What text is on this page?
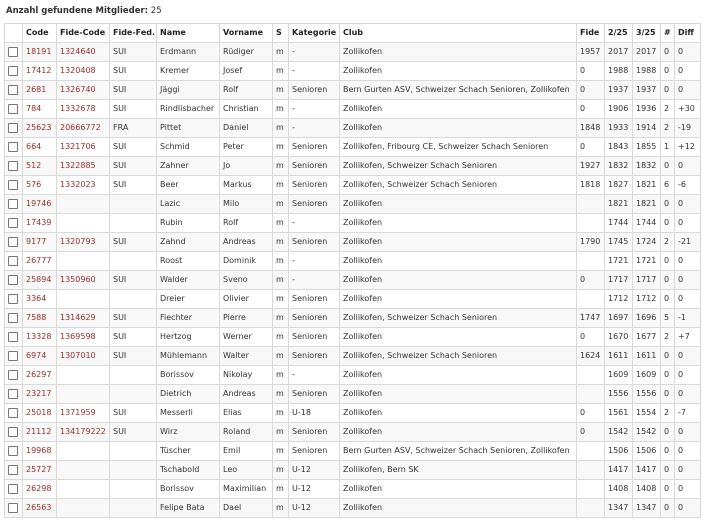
Anzahl gefundene Mitglieder: 25
	Code	Fide-Code	Fide-Fed.	Name	Vorname	S	Kategorie	Club	Fide	2/25	3/25	#	Diff
	18191	1324640	SUI	Erdmann	Rüdiger	m	-	Zollikofen	1957	2017	2017	0	0
	17412	1320408	SUI	Kremer	Josef	m	-	Zollikofen	0	1988	1988	0	0
	2681	1326740	SUI	Jäggi	Rolf	m	Senioren	Bern Gurten ASV, Schweizer Schach Senioren, Zollikofen	0	1937	1937	0	0
	784	1332678	SUI	Rindlisbacher	Christian	m	-	Zollikofen	0	1906	1936	2	+30
	25623	20666772	FRA	Pittet	Daniel	m	-	Zollikofen	1848	1933	1914	2	-19
	664	1321706	SUI	Schmid	Peter	m	Senioren	Zollikofen, Fribourg CE, Schweizer Schach Senioren	0	1843	1855	1	+12
	512	1322885	SUI	Zahner	Jo	m	Senioren	Zollikofen, Schweizer Schach Senioren	1927	1832	1832	0	0
	576	1332023	SUI	Beer	Markus	m	Senioren	Zollikofen, Schweizer Schach Senioren	1818	1827	1821	6	-6
	19746			Lazic	Milo	m	Senioren	Zollikofen		1821	1821	0	0
	17439			Rubin	Rolf	m	-	Zollikofen		1744	1744	0	0
	9177	1320793	SUI	Zahnd	Andreas	m	Senioren	Zollikofen	1790	1745	1724	2	-21
	26777			Roost	Dominik	m	-	Zollikofen		1721	1721	0	0
	25894	1350960	SUI	Walder	Sveno	m	-	Zollikofen	0	1717	1717	0	0
	3364			Dreier	Olivier	m	Senioren	Zollikofen		1712	1712	0	0
	7588	1314629	SUI	Fiechter	Pierre	m	Senioren	Zollikofen, Schweizer Schach Senioren	1747	1697	1696	5	-1
	13328	1369598	SUI	Hertzog	Werner	m	Senioren	Zollikofen	0	1670	1677	2	+7
	6974	1307010	SUI	Mühlemann	Walter	m	Senioren	Zollikofen, Schweizer Schach Senioren	1624	1611	1611	0	0
	26297			Borissov	Nikolay	m	-	Zollikofen		1609	1609	0	0
	23217			Dietrich	Andreas	m	Senioren	Zollikofen		1556	1556	0	0
	25018	1371959	SUI	Messerli	Elias	m	U-18	Zollikofen	0	1561	1554	2	-7
	21112	134179222	SUI	Wirz	Roland	m	Senioren	Zollikofen	0	1542	1542	0	0
	19968			Tüscher	Emil	m	Senioren	Bern Gurten ASV, Schweizer Schach Senioren, Zollikofen		1506	1506	0	0
	25727			Tschabold	Leo	m	U-12	Zollikofen, Bern SK		1417	1417	0	0
	26298			Borissov	Maximilian	m	U-12	Zollikofen		1408	1408	0	0
	26563			Felipe Bata	Dael	m	U-12	Zollikofen		1347	1347	0	0
